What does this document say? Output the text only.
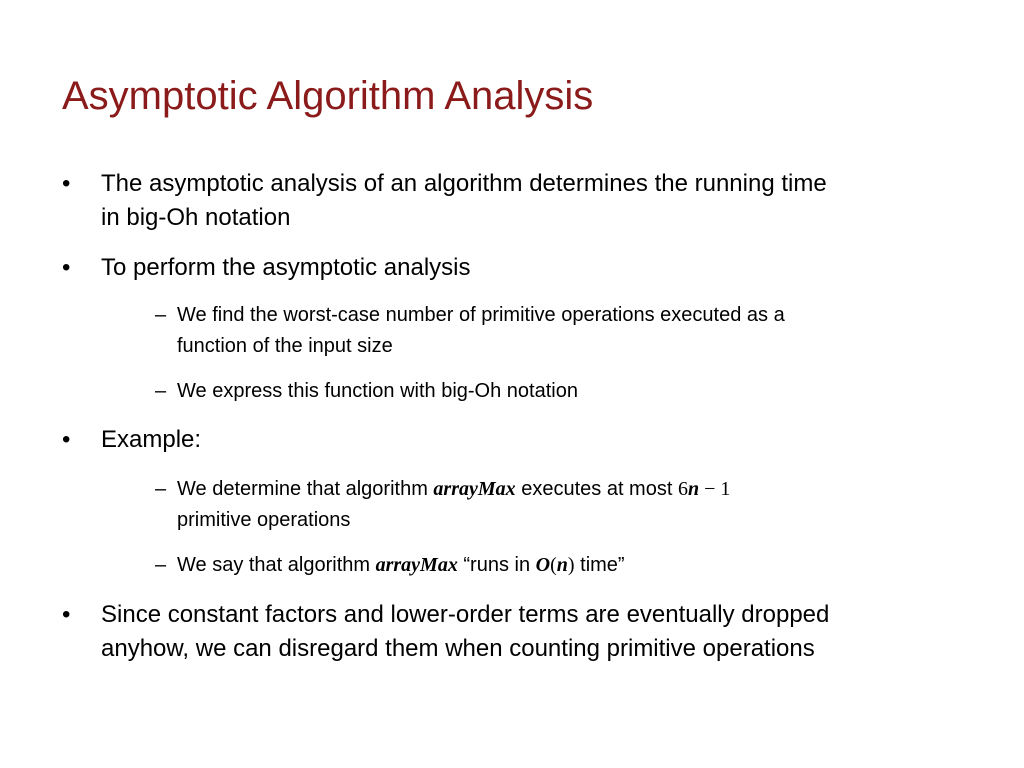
Asymptotic Algorithm Analysis
• The asymptotic analysis of an algorithm determines the running time
in big-Oh notation
• To perform the asymptotic analysis
– We find the worst-case number of primitive operations executed as a
function of the input size
– We express this function with big-Oh notation
• Example:
– We determine that algorithm arrayMax executes at most 6n − 1
primitive operations
– We say that algorithm arrayMax “runs in O(n) time”
• Since constant factors and lower-order terms are eventually dropped
anyhow, we can disregard them when counting primitive operations
